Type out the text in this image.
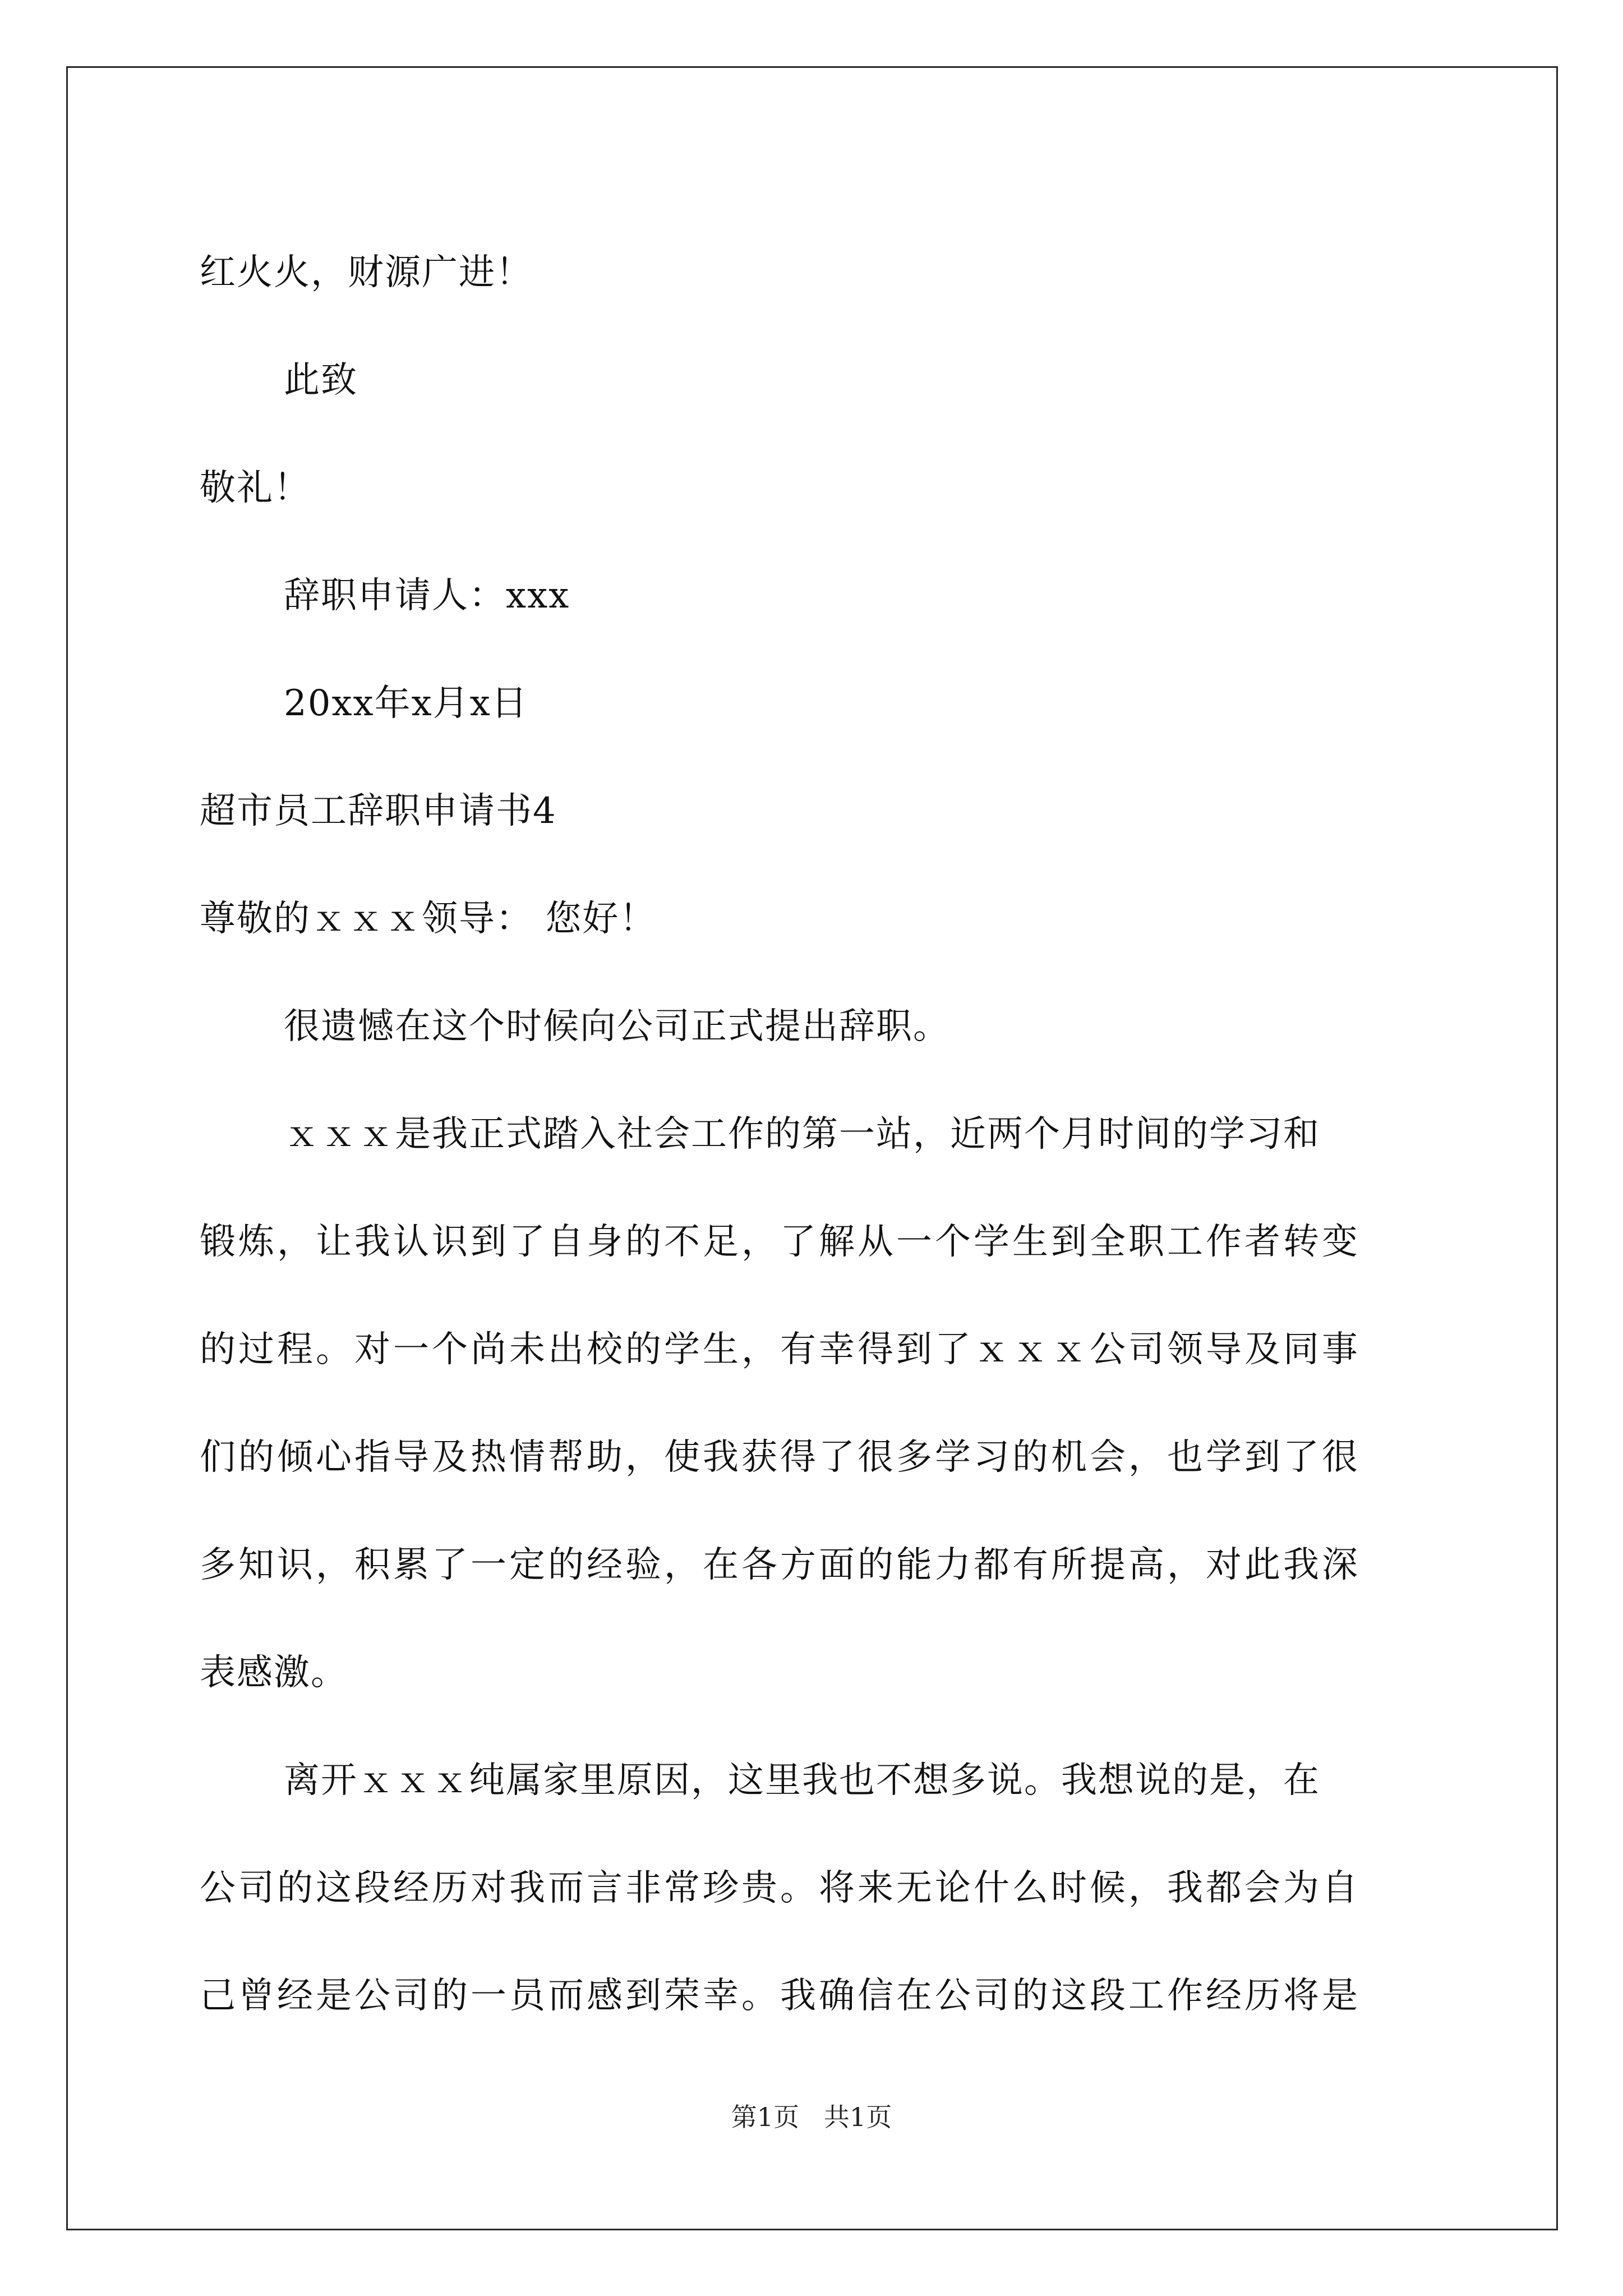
红火火，财源广进！
此致
敬礼！
辞职申请人：xxx
20xx年x月x日
超市员工辞职申请书4
尊敬的ｘｘｘ领导： 您好！
很遗憾在这个时候向公司正式提出辞职。
ｘｘｘ是我正式踏入社会工作的第一站，近两个月时间的学习和
锻炼，让我认识到了自身的不足，了解从一个学生到全职工作者转变
的过程。对一个尚未出校的学生，有幸得到了ｘｘｘ公司领导及同事
们的倾心指导及热情帮助，使我获得了很多学习的机会，也学到了很
多知识，积累了一定的经验，在各方面的能力都有所提高，对此我深
表感激。
离开ｘｘｘ纯属家里原因，这里我也不想多说。我想说的是，在
公司的这段经历对我而言非常珍贵。将来无论什么时候，我都会为自
己曾经是公司的一员而感到荣幸。我确信在公司的这段工作经历将是
第1页   共1页
